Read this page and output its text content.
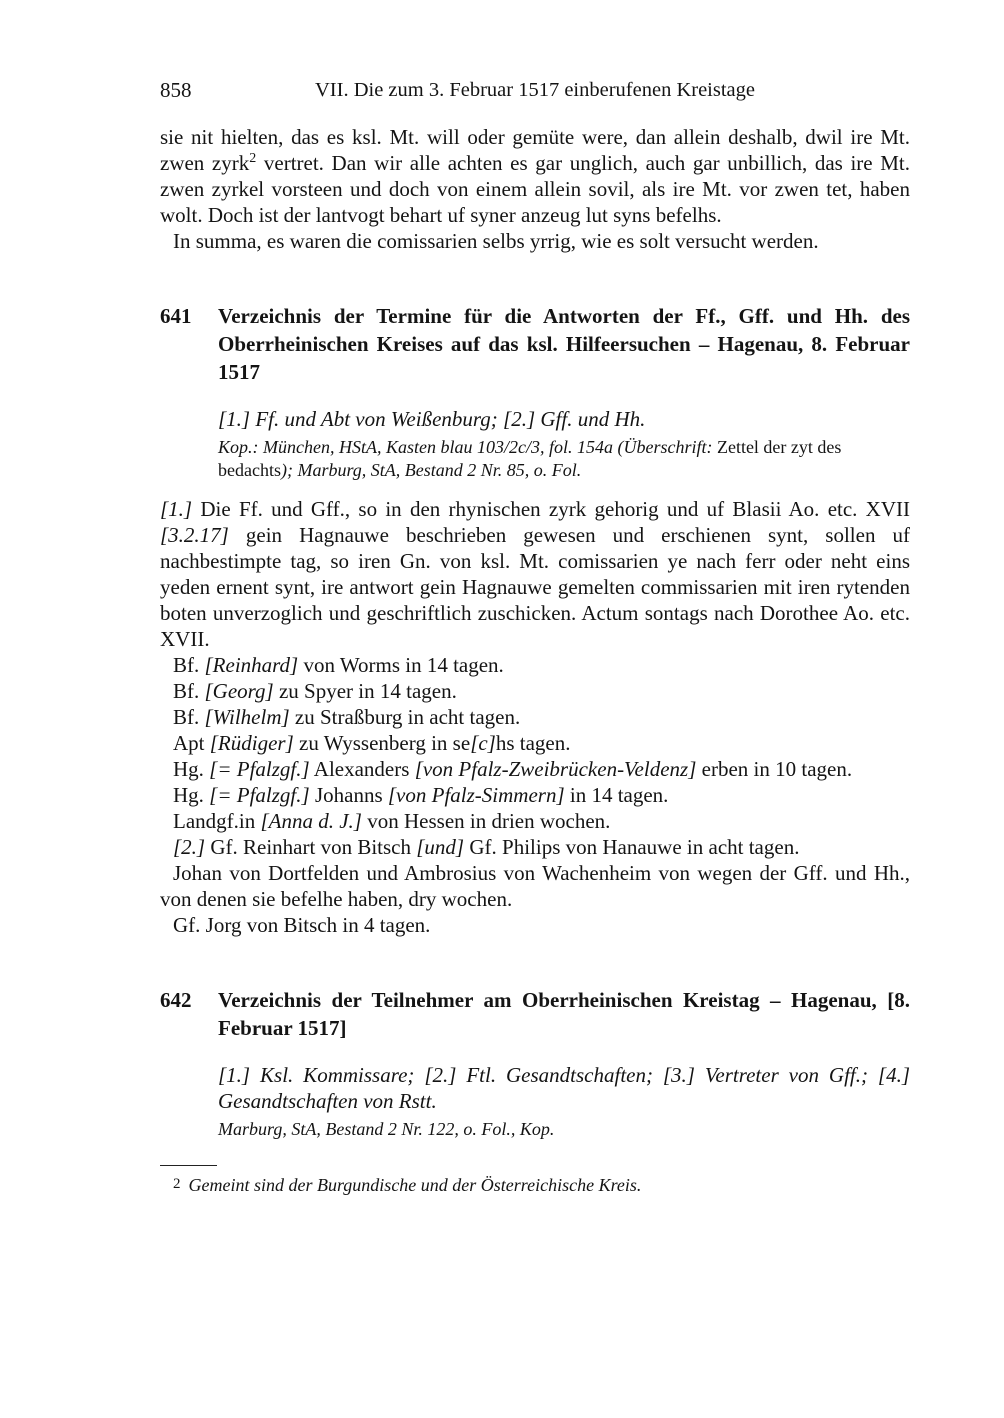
858	VII. Die zum 3. Februar 1517 einberufenen Kreistage

sie nit hielten, das es ksl. Mt. will oder gemüte were, dan allein deshalb, dwil ire Mt. zwen zyrk$^2$ vertret. Dan wir alle achten es gar unglich, auch gar unbillich, das ire Mt. zwen zyrkel vorsteen und doch von einem allein sovil, als ire Mt. vor zwen tet, haben wolt. Doch ist der lantvogt behart uf syner anzeug lut syns befelhs.

In summa, es waren die comissarien selbs yrrig, wie es solt versucht werden.

641	Verzeichnis der Termine für die Antworten der Ff., Gff. und Hh. des Oberrheinischen Kreises auf das ksl. Hilfeersuchen – Hagenau, 8. Februar 1517

[1.] Ff. und Abt von Weißenburg; [2.] Gff. und Hh.

Kop.: München, HStA, Kasten blau 103/2c/3, fol. 154a (Überschrift: Zettel der zyt des bedachts); Marburg, StA, Bestand 2 Nr. 85, o. Fol.

[1.] Die Ff. und Gff., so in den rhynischen zyrk gehorig und uf Blasii Ao. etc. XVII [3.2.17] gein Hagnauwe beschrieben gewesen und erschienen synt, sollen uf nachbestimpte tag, so iren Gn. von ksl. Mt. comissarien ye nach ferr oder neht eins yeden ernent synt, ire antwort gein Hagnauwe gemelten commissarien mit iren rytenden boten unverzoglich und geschriftlich zuschicken. Actum sontags nach Dorothee Ao. etc. XVII.

Bf. [Reinhard] von Worms in 14 tagen.

Bf. [Georg] zu Spyer in 14 tagen.

Bf. [Wilhelm] zu Straßburg in acht tagen.

Apt [Rüdiger] zu Wyssenberg in se[c]hs tagen.

Hg. [= Pfalzgf.] Alexanders [von Pfalz-Zweibrücken-Veldenz] erben in 10 tagen.

Hg. [= Pfalzgf.] Johanns [von Pfalz-Simmern] in 14 tagen.

Landgf.in [Anna d. J.] von Hessen in drien wochen.

[2.] Gf. Reinhart von Bitsch [und] Gf. Philips von Hanauwe in acht tagen.

Johan von Dortfelden und Ambrosius von Wachenheim von wegen der Gff. und Hh., von denen sie befelhe haben, dry wochen.

Gf. Jorg von Bitsch in 4 tagen.

642	Verzeichnis der Teilnehmer am Oberrheinischen Kreistag – Hagenau, [8. Februar 1517]

[1.] Ksl. Kommissare; [2.] Ftl. Gesandtschaften; [3.] Vertreter von Gff.; [4.] Gesandtschaften von Rstt.

Marburg, StA, Bestand 2 Nr. 122, o. Fol., Kop.

2 Gemeint sind der Burgundische und der Österreichische Kreis.
